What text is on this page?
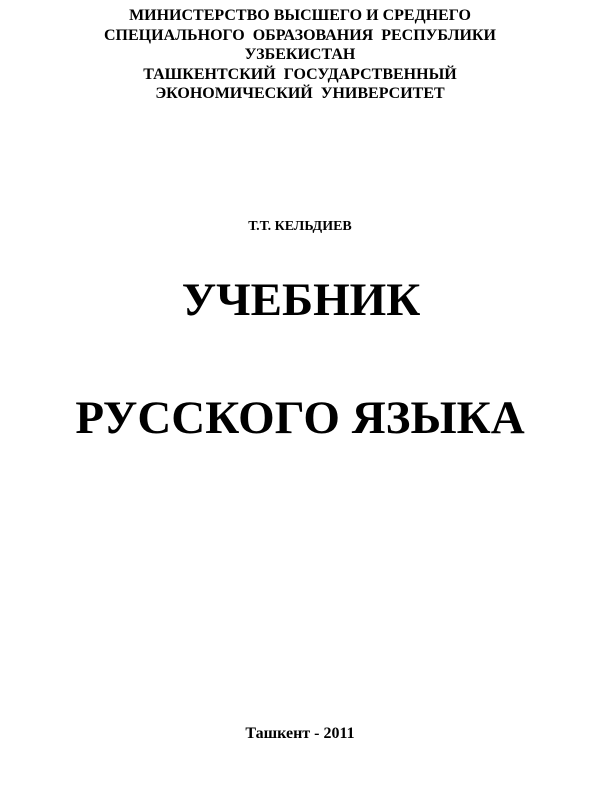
МИНИСТЕРСТВО ВЫСШЕГО И СРЕДНЕГО
СПЕЦИАЛЬНОГО  ОБРАЗОВАНИЯ  РЕСПУБЛИКИ
УЗБЕКИСТАН
ТАШКЕНТСКИЙ  ГОСУДАРСТВЕННЫЙ
ЭКОНОМИЧЕСКИЙ  УНИВЕРСИТЕТ
Т.Т. КЕЛЬДИЕВ
УЧЕБНИК
РУССКОГО ЯЗЫКА
Ташкент - 2011
